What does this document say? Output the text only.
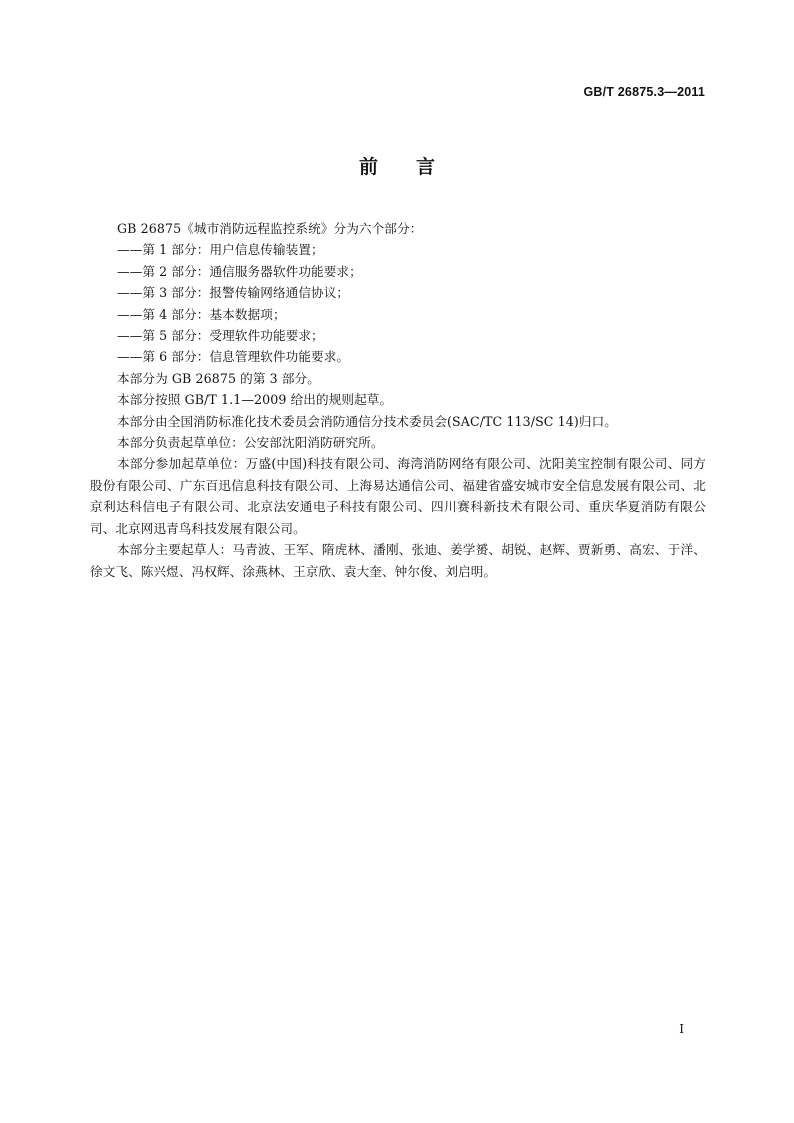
GB/T 26875.3—2011
前言

GB 26875《城市消防远程监控系统》分为六个部分：

——第 1 部分：用户信息传输装置；

——第 2 部分：通信服务器软件功能要求；

——第 3 部分：报警传输网络通信协议；

——第 4 部分：基本数据项；

——第 5 部分：受理软件功能要求；

——第 6 部分：信息管理软件功能要求。

本部分为 GB 26875 的第 3 部分。

本部分按照 GB/T 1.1—2009 给出的规则起草。

本部分由全国消防标准化技术委员会消防通信分技术委员会(SAC/TC 113/SC 14)归口。

本部分负责起草单位：公安部沈阳消防研究所。

本部分参加起草单位：万盛(中国)科技有限公司、海湾消防网络有限公司、沈阳美宝控制有限公司、同方股份有限公司、广东百迅信息科技有限公司、上海易达通信公司、福建省盛安城市安全信息发展有限公司、北京利达科信电子有限公司、北京法安通电子科技有限公司、四川赛科新技术有限公司、重庆华夏消防有限公司、北京网迅青鸟科技发展有限公司。

本部分主要起草人：马青波、王军、隋虎林、潘刚、张迪、姜学赟、胡锐、赵辉、贾新勇、高宏、于洋、徐文飞、陈兴煜、冯权辉、涂燕林、王京欣、袁大奎、钟尔俊、刘启明。

I
